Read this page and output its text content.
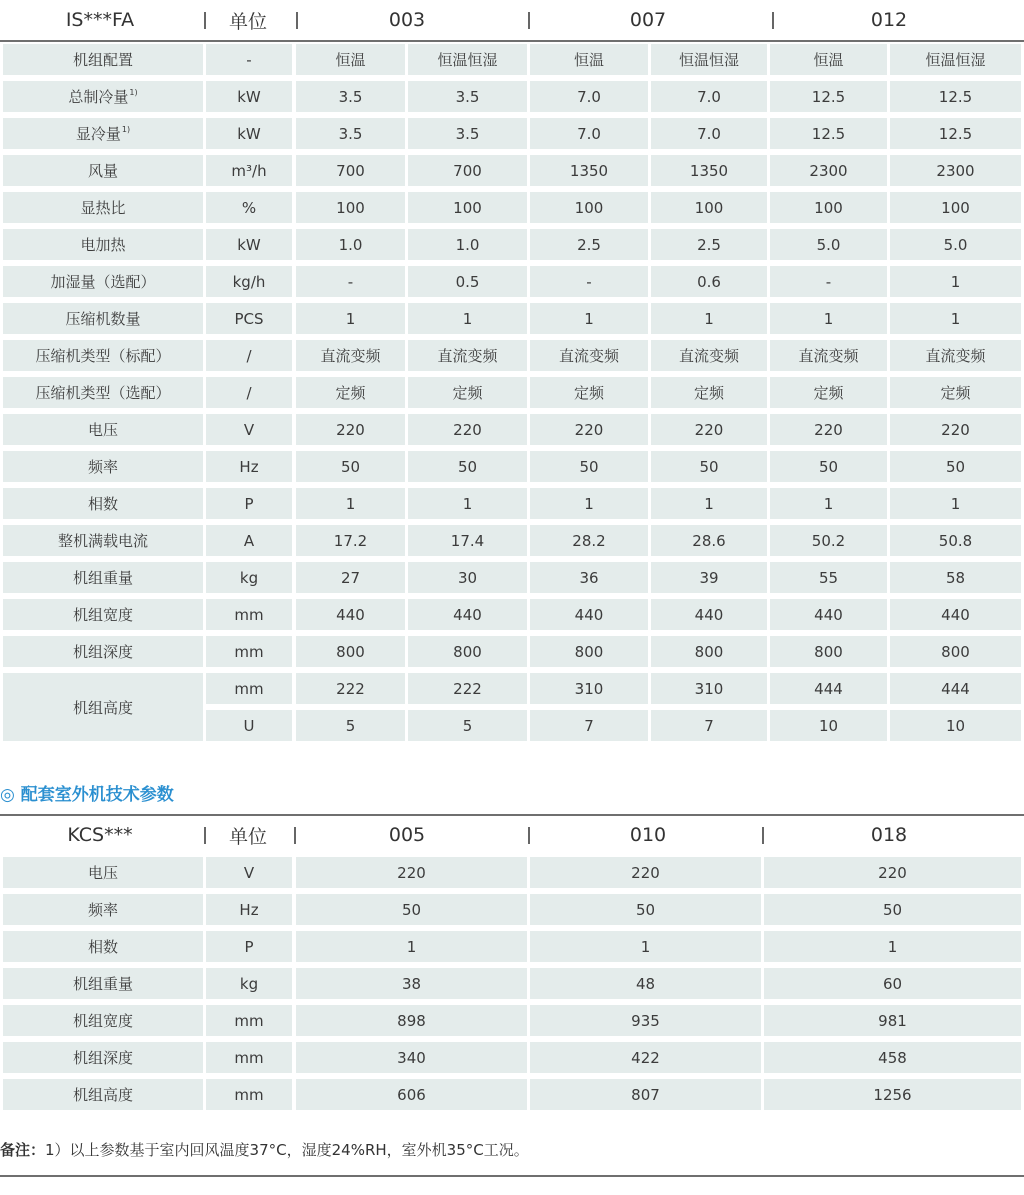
IS***FA	单位	003	007	012
机组配置	-	恒温	恒温恒湿	恒温	恒温恒湿	恒温	恒温恒湿
总制冷量 1)	kW	3.5	3.5	7.0	7.0	12.5	12.5
显冷量 1)	kW	3.5	3.5	7.0	7.0	12.5	12.5
风量	m³/h	700	700	1350	1350	2300	2300
显热比	%	100	100	100	100	100	100
电加热	kW	1.0	1.0	2.5	2.5	5.0	5.0
加湿量（选配）	kg/h	-	0.5	-	0.6	-	1
压缩机数量	PCS	1	1	1	1	1	1
压缩机类型（标配）	/	直流变频	直流变频	直流变频	直流变频	直流变频	直流变频
压缩机类型（选配）	/	定频	定频	定频	定频	定频	定频
电压	V	220	220	220	220	220	220
频率	Hz	50	50	50	50	50	50
相数	P	1	1	1	1	1	1
整机满载电流	A	17.2	17.4	28.2	28.6	50.2	50.8
机组重量	kg	27	30	36	39	55	58
机组宽度	mm	440	440	440	440	440	440
机组深度	mm	800	800	800	800	800	800
机组高度
mm	222	222	310	310	444	444
U	5	5	7	7	10	10
◎ 配套室外机技术参数
KCS***	单位	005	010	018
电压	V	220	220	220
频率	Hz	50	50	50
相数	P	1	1	1
机组重量	kg	38	48	60
机组宽度	mm	898	935	981
机组深度	mm	340	422	458
机组高度	mm	606	807	1256
备注：1）以上参数基于室内回风温度37°C，湿度24%RH，室外机35°C工况。
